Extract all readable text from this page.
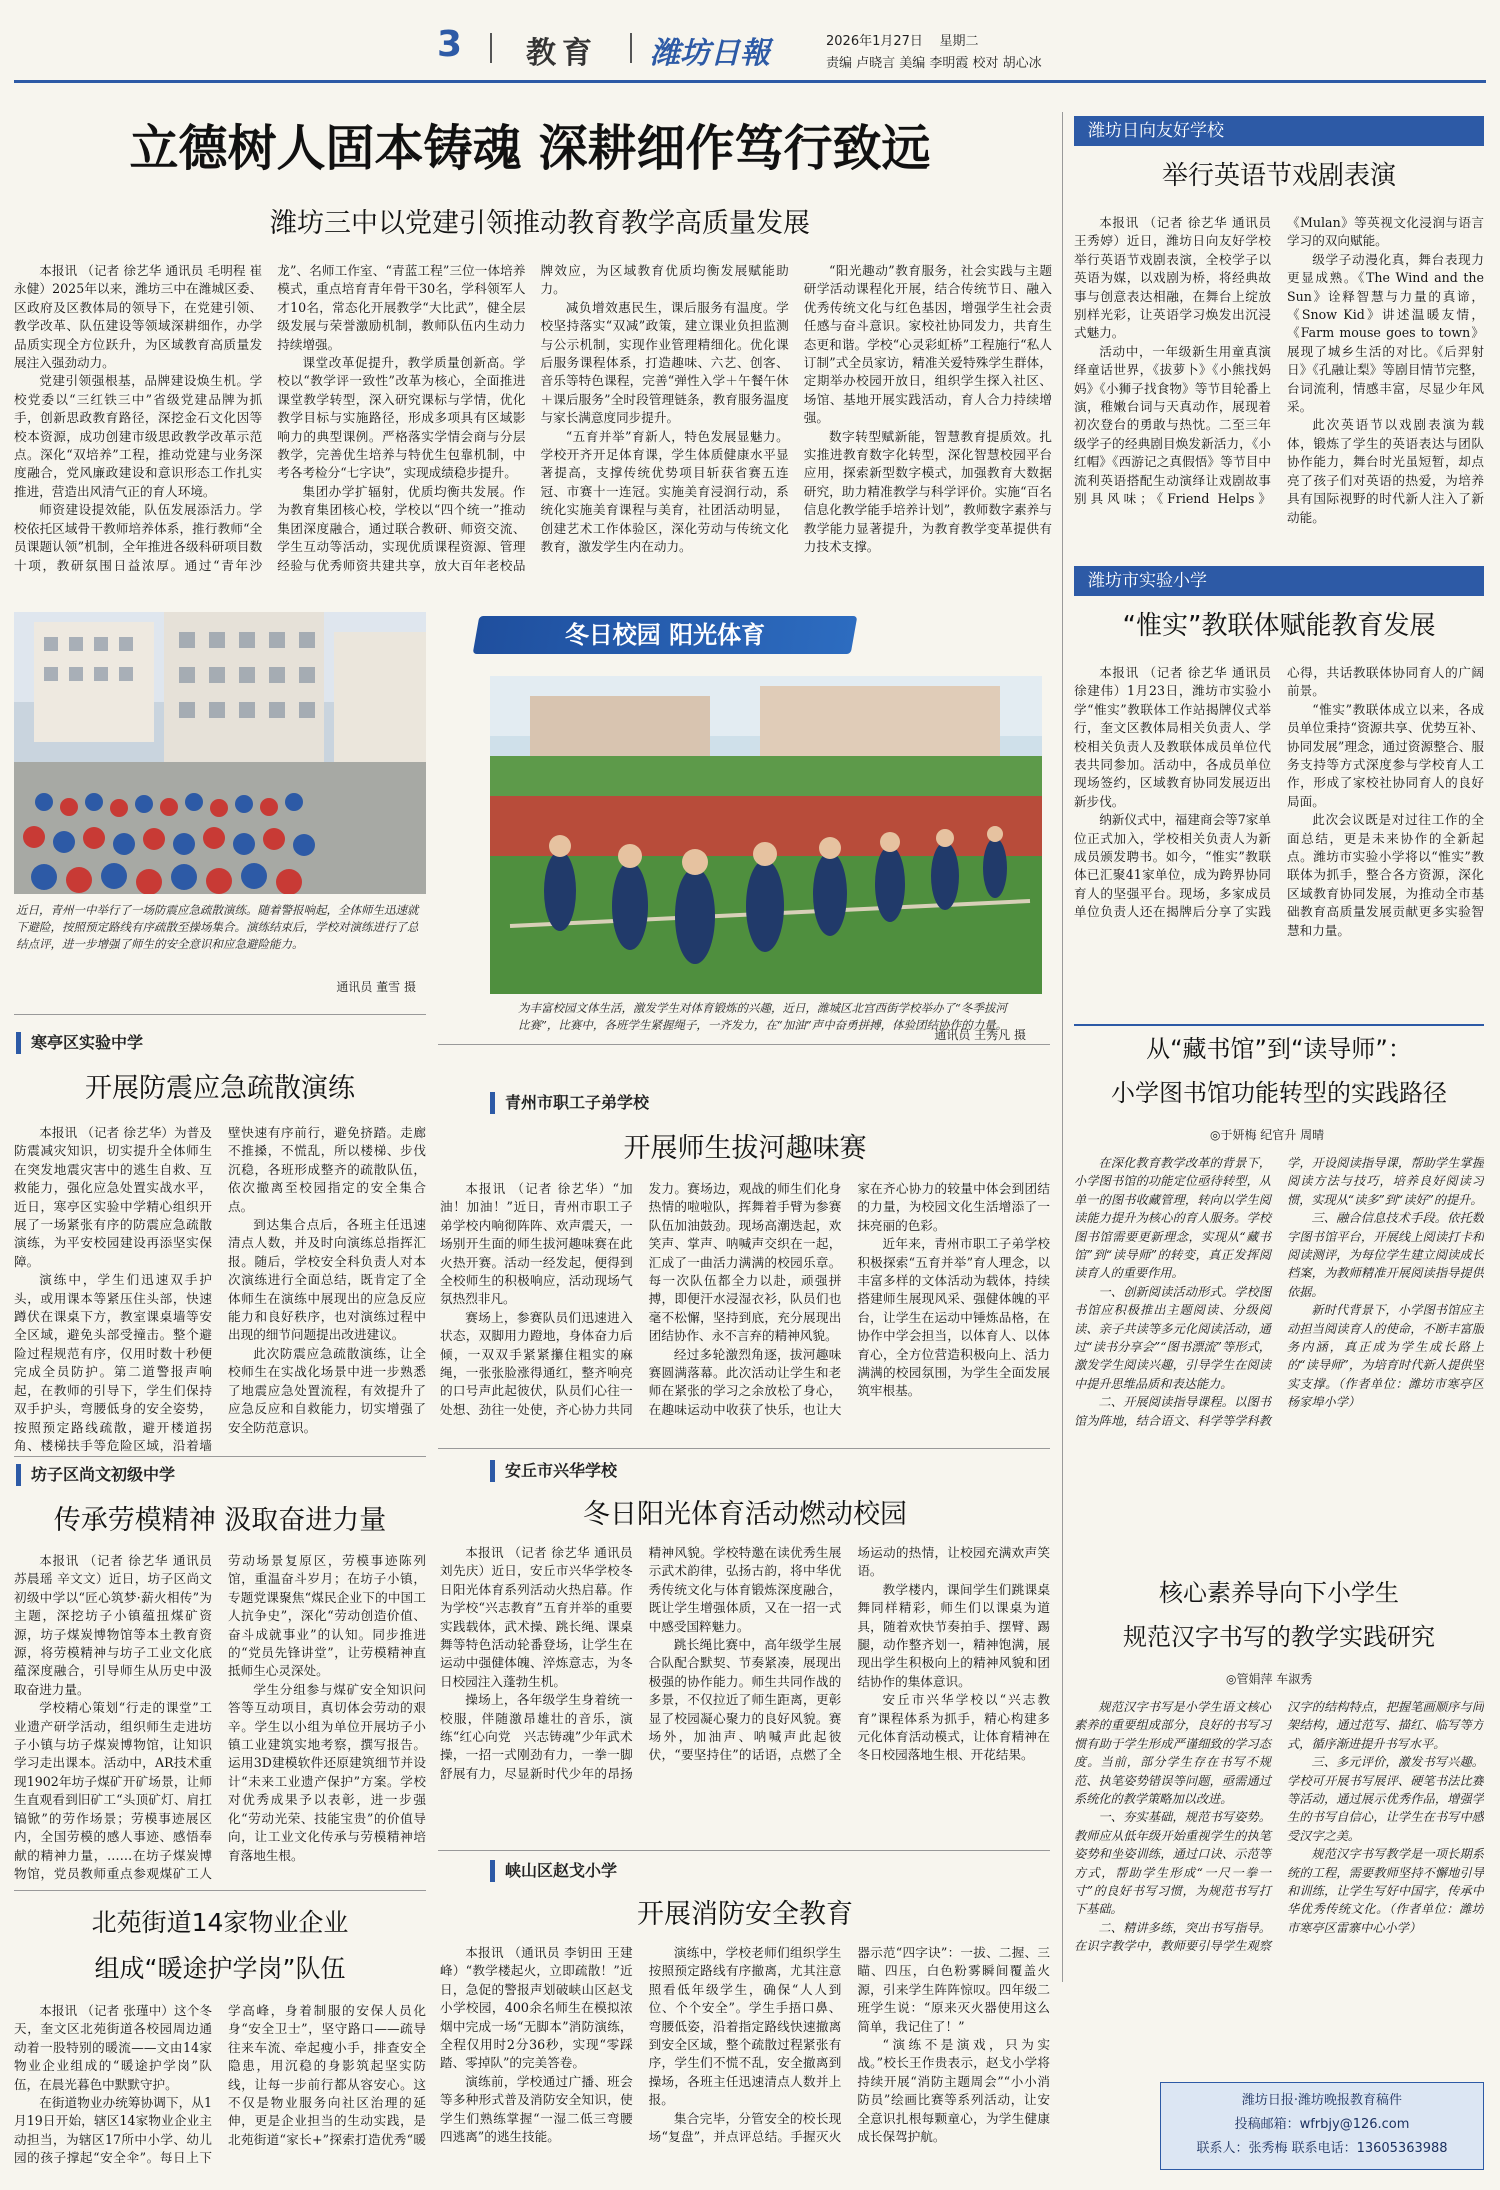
3 教育 潍坊日報	2026年1月27日 星期二
责编 卢晓言 美编 李明霞 校对 胡心冰
立德树人固本铸魂 深耕细作笃行致远
潍坊三中以党建引领推动教育教学高质量发展

本报讯 （记者 徐艺华 通讯员 毛明程 崔永健）2025年以来，潍坊三中在潍城区委、区政府及区教体局的领导下，在党建引领、教学改革、队伍建设等领域深耕细作，办学品质实现全方位跃升，为区域教育高质量发展注入强劲动力。

党建引领强根基，品牌建设焕生机。学校党委以“三红铁三中”省级党建品牌为抓手，创新思政教育路径，深挖金石文化因等校本资源，成功创建市级思政教学改革示范点。深化“双培养”工程，推动党建与业务深度融合，党风廉政建设和意识形态工作扎实推进，营造出风清气正的育人环境。

师资建设提效能，队伍发展添活力。学校依托区域骨干教师培养体系，推行教师“全员课题认领”机制，全年推进各级科研项目数十项，教研氛围日益浓厚。通过“青年沙龙”、名师工作室、“青蓝工程”三位一体培养模式，重点培育青年骨干30名，学科领军人才10名，常态化开展教学“大比武”，健全层级发展与荣誉激励机制，教师队伍内生动力持续增强。

课堂改革促提升，教学质量创新高。学校以“教学评一致性”改革为核心，全面推进课堂教学转型，深入研究课标与学情，优化教学目标与实施路径，形成多项具有区域影响力的典型课例。严格落实学情会商与分层教学，完善优生培养与特优生包靠机制，中考各考检分“七字诀”，实现成绩稳步提升。

集团办学扩辐射，优质均衡共发展。作为教育集团核心校，学校以“四个统一”推动集团深度融合，通过联合教研、师资交流、学生互动等活动，实现优质课程资源、管理经验与优秀师资共建共享，放大百年老校品牌效应，为区域教育优质均衡发展赋能助力。

减负增效惠民生，课后服务有温度。学校坚持落实“双减”政策，建立课业负担监测与公示机制，实现作业管理精细化。优化课后服务课程体系，打造趣味、六艺、创客、音乐等特色课程，完善“弹性入学＋午餐午休＋课后服务”全时段管理链条，教育服务温度与家长满意度同步提升。

“五育并举”育新人，特色发展显魅力。学校开齐开足体育课，学生体质健康水平显著提高，支撑传统优势项目斩获省赛五连冠、市赛十一连冠。实施美育浸润行动，系统化实施美育课程与美育，社团活动明显，创建艺术工作体验区，深化劳动与传统文化教育，激发学生内在动力。

“阳光趣动”教育服务，社会实践与主题研学活动课程化开展，结合传统节日、融入优秀传统文化与红色基因，增强学生社会责任感与奋斗意识。家校社协同发力，共育生态更和谐。学校“心灵彩虹桥”工程施行“私人订制”式全员家访，精准关爱特殊学生群体，定期举办校园开放日，组织学生探入社区、场馆、基地开展实践活动，育人合力持续增强。

数字转型赋新能，智慧教育提质效。扎实推进教育数字化转型，深化智慧校园平台应用，探索新型数字模式，加强教育大数据研究，助力精准教学与科学评价。实施“百名信息化教学能手培养计划”，教师数字素养与教学能力显著提升，为教育教学变革提供有力技术支撑。

近日，青州一中举行了一场防震应急疏散演练。随着警报响起，全体师生迅速就下避险，按照预定路线有序疏散至操场集合。演练结束后，学校对演练进行了总结点评，进一步增强了师生的安全意识和应急避险能力。
通讯员 董雪 摄
冬日校园 阳光体育
为丰富校园文体生活，激发学生对体育锻炼的兴趣，近日，潍城区北宫西街学校举办了“冬季拔河比赛”，比赛中，各班学生紧握绳子，一齐发力，在“加油”声中奋勇拼搏，体验团结协作的力量。
通讯员 王秀凡 摄
潍坊日向友好学校
举行英语节戏剧表演

本报讯 （记者 徐艺华 通讯员 王秀婷）近日，潍坊日向友好学校举行英语节戏剧表演，全校学子以英语为媒，以戏剧为桥，将经典故事与创意表达相融，在舞台上绽放别样光彩，让英语学习焕发出沉浸式魅力。

活动中，一年级新生用童真演绎童话世界，《拔萝卜》《小熊找妈妈》《小狮子找食物》等节目轮番上演，稚嫩台词与天真动作，展现着初次登台的勇敢与热忱。二至三年级学子的经典剧目焕发新活力，《小红帽》《西游记之真假悟》等节目中流利英语搭配生动演绎让戏剧故事别具风味；《Friend Helps》《Mulan》等英视文化浸润与语言学习的双向赋能。

级学子动漫化真，舞台表现力更显成熟。《The Wind and the Sun》诠释智慧与力量的真谛，《Snow Kid》讲述温暖友情，《Farm mouse goes to town》展现了城乡生活的对比。《后羿射日》《孔融让梨》等剧目情节完整，台词流利，情感丰富，尽显少年风采。

此次英语节以戏剧表演为载体，锻炼了学生的英语表达与团队协作能力，舞台时光虽短暂，却点亮了孩子们对英语的热爱，为培养具有国际视野的时代新人注入了新动能。

潍坊市实验小学
“惟实”教联体赋能教育发展

本报讯 （记者 徐艺华 通讯员 徐建伟）1月23日，潍坊市实验小学“惟实”教联体工作站揭牌仪式举行，奎文区教体局相关负责人、学校相关负责人及教联体成员单位代表共同参加。活动中，各成员单位现场签约，区域教育协同发展迈出新步伐。

纳新仪式中，福建商会等7家单位正式加入，学校相关负责人为新成员颁发聘书。如今，“惟实”教联体已汇聚41家单位，成为跨界协同育人的坚强平台。现场，多家成员单位负责人还在揭牌后分享了实践心得，共话教联体协同育人的广阔前景。

“惟实”教联体成立以来，各成员单位秉持“资源共享、优势互补、协同发展”理念，通过资源整合、服务支持等方式深度参与学校育人工作，形成了家校社协同育人的良好局面。

此次会议既是对过往工作的全面总结，更是未来协作的全新起点。潍坊市实验小学将以“惟实”教联体为抓手，整合各方资源，深化区域教育协同发展，为推动全市基础教育高质量发展贡献更多实验智慧和力量。

从“藏书馆”到“读导师”：
小学图书馆功能转型的实践路径
◎于妍梅 纪官升 周晴

在深化教育教学改革的背景下，小学图书馆的功能定位亟待转型，从单一的图书收藏管理，转向以学生阅读能力提升为核心的育人服务。学校图书馆需要更新理念，实现从“藏书馆”到“读导师”的转变，真正发挥阅读育人的重要作用。

一、创新阅读活动形式。学校图书馆应积极推出主题阅读、分级阅读、亲子共读等多元化阅读活动，通过“读书分享会”“图书漂流”等形式，激发学生阅读兴趣，引导学生在阅读中提升思维品质和表达能力。

二、开展阅读指导课程。以图书馆为阵地，结合语文、科学等学科教学，开设阅读指导课，帮助学生掌握阅读方法与技巧，培养良好阅读习惯，实现从“读多”到“读好”的提升。

三、融合信息技术手段。依托数字图书馆平台，开展线上阅读打卡和阅读测评，为每位学生建立阅读成长档案，为教师精准开展阅读指导提供依据。

新时代背景下，小学图书馆应主动担当阅读育人的使命，不断丰富服务内涵，真正成为学生成长路上的“读导师”，为培育时代新人提供坚实支撑。（作者单位：潍坊市寒亭区杨家埠小学）

核心素养导向下小学生
规范汉字书写的教学实践研究
◎管娟萍 车淑秀

规范汉字书写是小学生语文核心素养的重要组成部分，良好的书写习惯有助于学生形成严谨细致的学习态度。当前，部分学生存在书写不规范、执笔姿势错误等问题，亟需通过系统化的教学策略加以改进。

一、夯实基础，规范书写姿势。教师应从低年级开始重视学生的执笔姿势和坐姿训练，通过口诀、示范等方式，帮助学生形成“一尺一拳一寸”的良好书写习惯，为规范书写打下基础。

二、精讲多练，突出书写指导。在识字教学中，教师要引导学生观察汉字的结构特点，把握笔画顺序与间架结构，通过范写、描红、临写等方式，循序渐进提升书写水平。

三、多元评价，激发书写兴趣。学校可开展书写展评、硬笔书法比赛等活动，通过展示优秀作品，增强学生的书写自信心，让学生在书写中感受汉字之美。

规范汉字书写教学是一项长期系统的工程，需要教师坚持不懈地引导和训练，让学生写好中国字，传承中华优秀传统文化。（作者单位：潍坊市寒亭区雷寨中心小学）

潍坊日报·潍坊晚报教育稿件
投稿邮箱：wfrbjy@126.com
联系人：张秀梅 联系电话：13605363988
寒亭区实验中学
开展防震应急疏散演练

本报讯 （记者 徐艺华）为普及防震减灾知识，切实提升全体师生在突发地震灾害中的逃生自救、互救能力，强化应急处置实战水平，近日，寒亭区实验中学精心组织开展了一场紧张有序的防震应急疏散演练，为平安校园建设再添坚实保障。

演练中，学生们迅速双手护头，或用课本等紧压住头部，快速蹲伏在课桌下方，教室课桌墙等安全区域，避免头部受撞击。整个避险过程规范有序，仅用时数十秒便完成全员防护。第二道警报声响起，在教师的引导下，学生们保持双手护头，弯腰低身的安全姿势，按照预定路线疏散，避开楼道拐角、楼梯扶手等危险区域，沿着墙壁快速有序前行，避免挤踏。走廊不推搡，不慌乱，所以楼梯、步伐沉稳，各班形成整齐的疏散队伍，依次撤离至校园指定的安全集合点。

到达集合点后，各班主任迅速清点人数，并及时向演练总指挥汇报。随后，学校安全科负责人对本次演练进行全面总结，既肯定了全体师生在演练中展现出的应急反应能力和良好秩序，也对演练过程中出现的细节问题提出改进建议。

此次防震应急疏散演练，让全校师生在实战化场景中进一步熟悉了地震应急处置流程，有效提升了应急反应和自救能力，切实增强了安全防范意识。

坊子区尚文初级中学
传承劳模精神 汲取奋进力量

本报讯 （记者 徐艺华 通讯员 苏晨瑶 辛文文）近日，坊子区尚文初级中学以“匠心筑梦·薪火相传”为主题，深挖坊子小镇蕴扭煤矿资源，坊子煤炭博物馆等本土教育资源，将劳模精神与坊子工业文化底蕴深度融合，引导师生从历史中汲取奋进力量。

学校精心策划“行走的课堂”工业遗产研学活动，组织师生走进坊子小镇与坊子煤炭博物馆，让知识学习走出课本。活动中，AR技术重现1902年坊子煤矿开矿场景，让师生直观看到旧矿工“头顶矿灯、肩扛镐锨”的劳作场景；劳模事迹展区内，全国劳模的感人事迹、感悟奉献的精神力量，……在坊子煤炭博物馆，党员教师重点参观煤矿工人劳动场景复原区，劳模事迹陈列馆，重温奋斗岁月；在坊子小镇，专题党课聚焦“煤民企业下的中国工人抗争史”，深化“劳动创造价值、奋斗成就事业”的认知。同步推进的“党员先锋讲堂”，让劳模精神直抵师生心灵深处。

学生分组参与煤矿安全知识问答等互动项目，真切体会劳动的艰辛。学生以小组为单位开展坊子小镇工业建筑实地考察，撰写报告。运用3D建模软件还原建筑细节并设计“未来工业遗产保护”方案。学校对优秀成果予以表彰，进一步强化“劳动光荣、技能宝贵”的价值导向，让工业文化传承与劳模精神培育落地生根。

北苑街道14家物业企业
组成“暖途护学岗”队伍

本报讯 （记者 张瑾中）这个冬天，奎文区北苑街道各校园周边通动着一股特别的暖流——文由14家物业企业组成的“暖途护学岗”队伍，在晨光暮色中默默守护。

在街道物业办统筹协调下，从1月19日开始，辖区14家物业企业主动担当，为辖区17所中小学、幼儿园的孩子撑起“安全伞”。每日上下学高峰，身着制服的安保人员化身“安全卫士”，坚守路口——疏导往来车流、牵起瘦小手，排查安全隐患，用沉稳的身影筑起坚实防线，让每一步前行都从容安心。这不仅是物业服务向社区治理的延伸，更是企业担当的生动实践，是北苑街道“家长+”探索打造优秀“暖

青州市职工子弟学校
开展师生拔河趣味赛

本报讯 （记者 徐艺华）“加油！加油！”近日，青州市职工子弟学校内响彻阵阵、欢声震天，一场别开生面的师生拔河趣味赛在此火热开赛。活动一经发起，便得到全校师生的积极响应，活动现场气氛热烈非凡。

赛场上，参赛队员们迅速进入状态，双脚用力蹬地，身体奋力后倾，一双双手紧紧攥住粗实的麻绳，一张张脸涨得通红，整齐响亮的口号声此起彼伏，队员们心往一处想、劲往一处使，齐心协力共同发力。赛场边，观战的师生们化身热情的啦啦队，挥舞着手臂为参赛队伍加油鼓劲。现场高潮迭起，欢笑声、掌声、呐喊声交织在一起，汇成了一曲活力满满的校园乐章。每一次队伍都全力以赴，顽强拼搏，即便汗水浸湿衣衫，队员们也毫不松懈，坚持到底，充分展现出团结协作、永不言弃的精神风貌。

经过多轮激烈角逐，拔河趣味赛圆满落幕。此次活动让学生和老师在紧张的学习之余放松了身心，在趣味运动中收获了快乐，也让大家在齐心协力的较量中体会到团结的力量，为校园文化生活增添了一抹亮丽的色彩。

近年来，青州市职工子弟学校积极探索“五育并举”育人理念，以丰富多样的文体活动为载体，持续搭建师生展现风采、强健体魄的平台，让学生在运动中锤炼品格，在协作中学会担当，以体育人、以体育心，全方位营造积极向上、活力满满的校园氛围，为学生全面发展筑牢根基。

安丘市兴华学校
冬日阳光体育活动燃动校园

本报讯 （记者 徐艺华 通讯员 刘先庆）近日，安丘市兴华学校冬日阳光体育系列活动火热启幕。作为学校“兴志教育”五育并举的重要实践载体，武术操、跳长绳、课桌舞等特色活动轮番登场，让学生在运动中强健体魄、淬炼意志，为冬日校园注入蓬勃生机。

操场上，各年级学生身着统一校服，伴随激昂雄壮的音乐，演练“红心向党　兴志铸魂”少年武术操，一招一式刚劲有力，一拳一脚舒展有力，尽显新时代少年的昂扬精神风貌。学校特邀在读优秀生展示武术韵律，弘扬古韵，将中华优秀传统文化与体育锻炼深度融合，既让学生增强体质，又在一招一式中感受国粹魅力。

跳长绳比赛中，高年级学生展合队配合默契、节奏紧凑，展现出极强的协作能力。师生共同作战的多景，不仅拉近了师生距离，更彰显了校园凝心聚力的良好风貌。赛场外，加油声、呐喊声此起彼伏，“要坚持住”的话语，点燃了全场运动的热情，让校园充满欢声笑语。

教学楼内，课间学生们跳课桌舞同样精彩，师生们以课桌为道具，随着欢快节奏拍手、摆臂、踢腿，动作整齐划一，精神饱满，展现出学生积极向上的精神风貌和团结协作的集体意识。

安丘市兴华学校以“兴志教育”课程体系为抓手，精心构建多元化体育活动模式，让体育精神在冬日校园落地生根、开花结果。

峡山区赵戈小学
开展消防安全教育

本报讯 （通讯员 李钥田 王建峰）“教学楼起火，立即疏散！”近日，急促的警报声划破峡山区赵戈小学校园，400余名师生在模拟浓烟中完成一场“无脚本”消防演练，全程仅用时2分36秒，实现“零踩踏、零掉队”的完美答卷。

演练前，学校通过广播、班会等多种形式普及消防安全知识，使学生们熟练掌握“一湿二低三弯腰四逃离”的逃生技能。

演练中，学校老师们组织学生按照预定路线有序撤离，尤其注意照看低年级学生，确保“人人到位、个个安全”。学生手捂口鼻、弯腰低姿，沿着指定路线快速撤离到安全区域，整个疏散过程紧张有序，学生们不慌不乱，安全撤离到操场，各班主任迅速清点人数并上报。

集合完毕，分管安全的校长现场“复盘”，并点评总结。手握灭火器示范“四字诀”：一拔、二握、三瞄、四压，白色粉雾瞬间覆盖火源，引来学生阵阵惊叹。四年级二班学生说：“原来灭火器使用这么简单，我记住了！”

“演练不是演戏，只为实战。”校长王作贵表示，赵戈小学将持续开展“消防主题周会”“小小消防员”绘画比赛等系列活动，让安全意识扎根每颗童心，为学生健康成长保驾护航。
